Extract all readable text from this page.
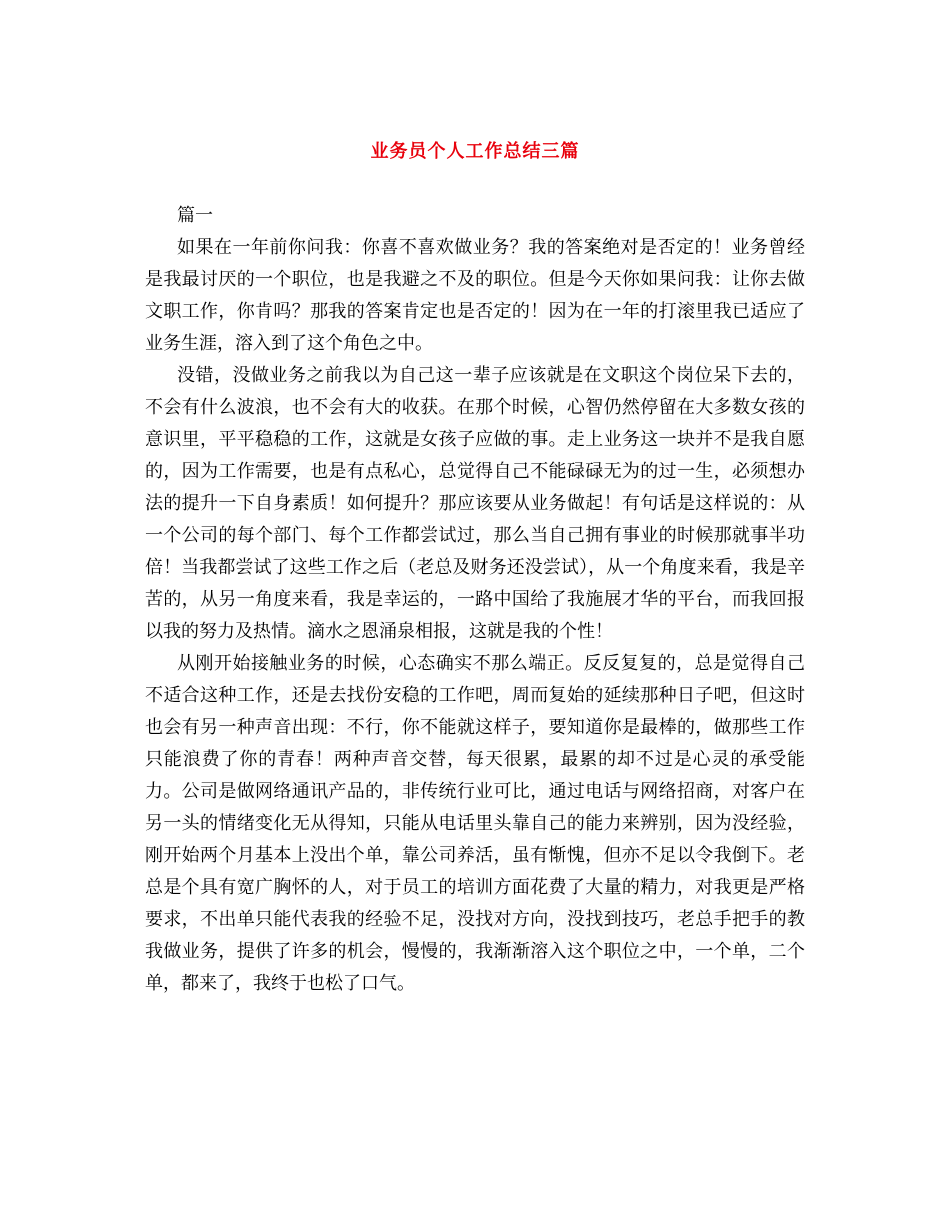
业务员个人工作总结三篇

篇一

如果在一年前你问我：你喜不喜欢做业务？我的答案绝对是否定的！业务曾经是我最讨厌的一个职位，也是我避之不及的职位。但是今天你如果问我：让你去做文职工作，你肯吗？那我的答案肯定也是否定的！因为在一年的打滚里我已适应了业务生涯，溶入到了这个角色之中。

没错，没做业务之前我以为自己这一辈子应该就是在文职这个岗位呆下去的，不会有什么波浪，也不会有大的收获。在那个时候，心智仍然停留在大多数女孩的意识里，平平稳稳的工作，这就是女孩子应做的事。走上业务这一块并不是我自愿的，因为工作需要，也是有点私心，总觉得自己不能碌碌无为的过一生，必须想办法的提升一下自身素质！如何提升？那应该要从业务做起！有句话是这样说的：从一个公司的每个部门、每个工作都尝试过，那么当自己拥有事业的时候那就事半功倍！当我都尝试了这些工作之后（老总及财务还没尝试），从一个角度来看，我是辛苦的，从另一角度来看，我是幸运的，一路中国给了我施展才华的平台，而我回报以我的努力及热情。滴水之恩涌泉相报，这就是我的个性！

从刚开始接触业务的时候，心态确实不那么端正。反反复复的，总是觉得自己不适合这种工作，还是去找份安稳的工作吧，周而复始的延续那种日子吧，但这时也会有另一种声音出现：不行，你不能就这样子，要知道你是最棒的，做那些工作只能浪费了你的青春！两种声音交替，每天很累，最累的却不过是心灵的承受能力。公司是做网络通讯产品的，非传统行业可比，通过电话与网络招商，对客户在另一头的情绪变化无从得知，只能从电话里头靠自己的能力来辨别，因为没经验，刚开始两个月基本上没出个单，靠公司养活，虽有惭愧，但亦不足以令我倒下。老总是个具有宽广胸怀的人，对于员工的培训方面花费了大量的精力，对我更是严格要求，不出单只能代表我的经验不足，没找对方向，没找到技巧，老总手把手的教我做业务，提供了许多的机会，慢慢的，我渐渐溶入这个职位之中，一个单，二个单，都来了，我终于也松了口气。
